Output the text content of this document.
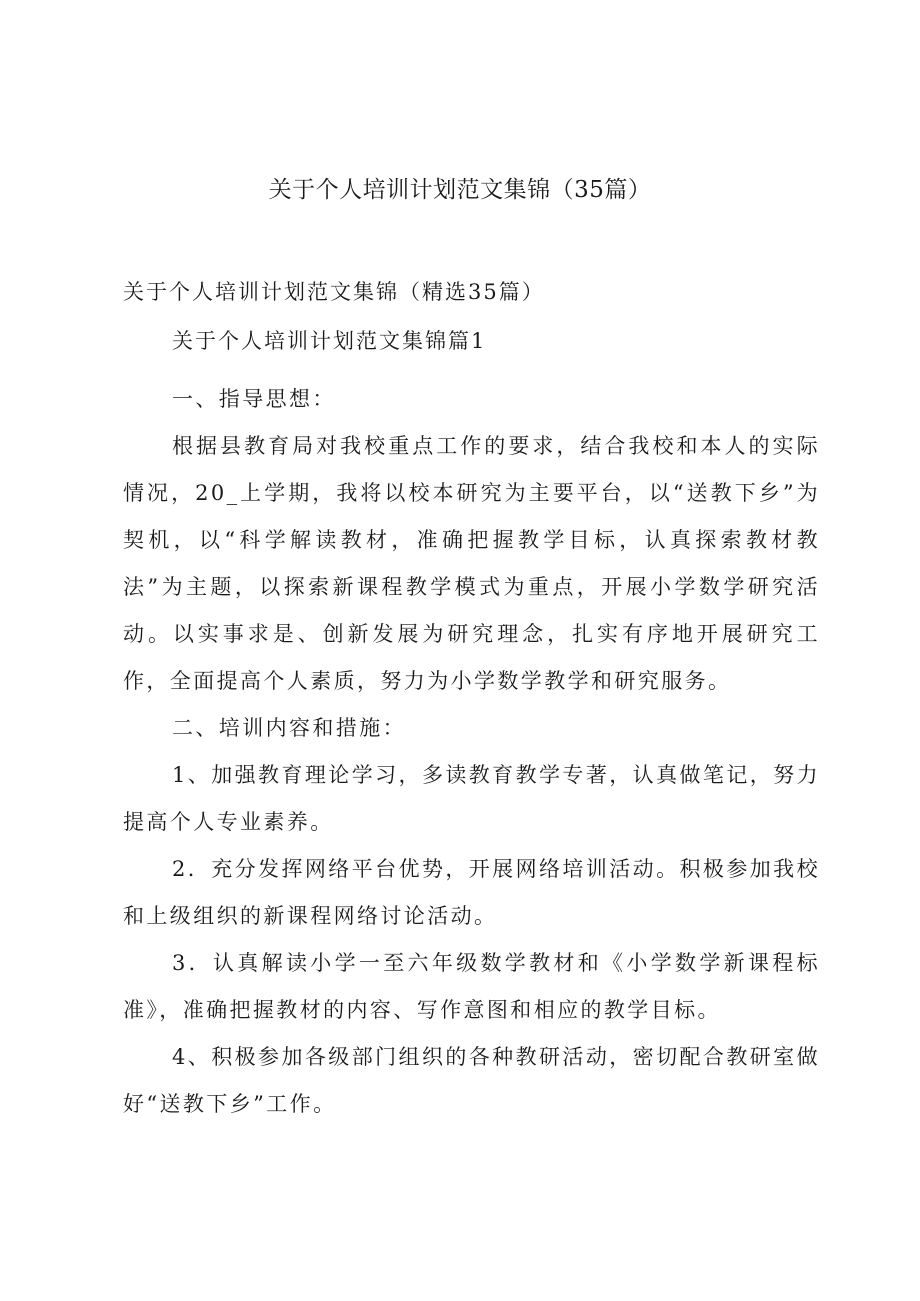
关于个人培训计划范文集锦（35篇）
关于个人培训计划范文集锦（精选35篇）
关于个人培训计划范文集锦篇1

一、指导思想：

根据县教育局对我校重点工作的要求，结合我校和本人的实际情况，20_上学期，我将以校本研究为主要平台，以“送教下乡”为契机，以“科学解读教材，准确把握教学目标，认真探索教材教法”为主题，以探索新课程教学模式为重点，开展小学数学研究活动。以实事求是、创新发展为研究理念，扎实有序地开展研究工作，全面提高个人素质，努力为小学数学教学和研究服务。

二、培训内容和措施：

1、加强教育理论学习，多读教育教学专著，认真做笔记，努力提高个人专业素养。

2．充分发挥网络平台优势，开展网络培训活动。积极参加我校和上级组织的新课程网络讨论活动。

3．认真解读小学一至六年级数学教材和《小学数学新课程标准》，准确把握教材的内容、写作意图和相应的教学目标。

4、积极参加各级部门组织的各种教研活动，密切配合教研室做好“送教下乡”工作。
